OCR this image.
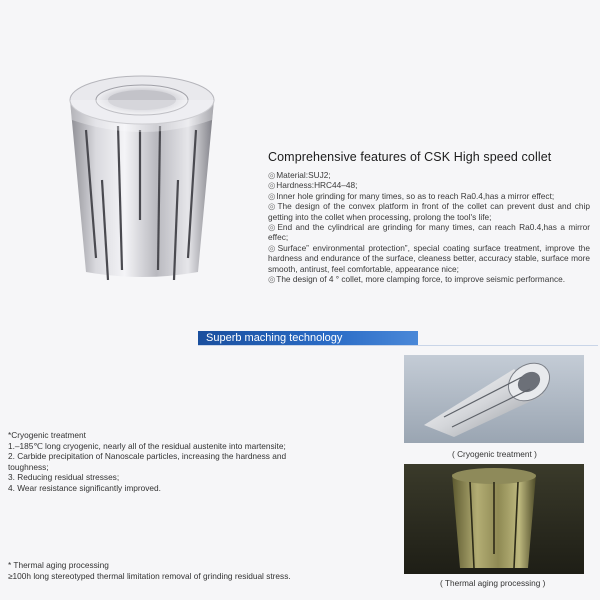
Comprehensive features of CSK High speed collet
◎Material:SUJ2;
◎Hardness:HRC44–48;
◎Inner hole grinding for many times, so as to reach Ra0.4,has a mirror effect;
◎The design of the convex platform in front of the collet can prevent dust and chip getting into the collet when processing, prolong the tool's life;
◎End and the cylindrical are grinding for many times, can reach Ra0.4,has a mirror effec;
◎Surface” environmental protection”, special coating surface treatment, improve the hardness and endurance of the surface, cleaness better, accuracy stable, surface more smooth, antirust, feel comfortable, appearance nice;
◎The design of 4 ° collet, more clamping force, to improve seismic performance.
Superb maching technology
*Cryogenic treatment
1.–185℃ long cryogenic, nearly all of the residual austenite into martensite;
2. Carbide precipitation of Nanoscale particles, increasing the hardness and toughness;
3. Reducing residual stresses;
4. Wear resistance significantly improved.
* Thermal aging processing
≥100h long stereotyped thermal limitation removal of grinding residual stress.
( Cryogenic treatment )
( Thermal aging processing )
